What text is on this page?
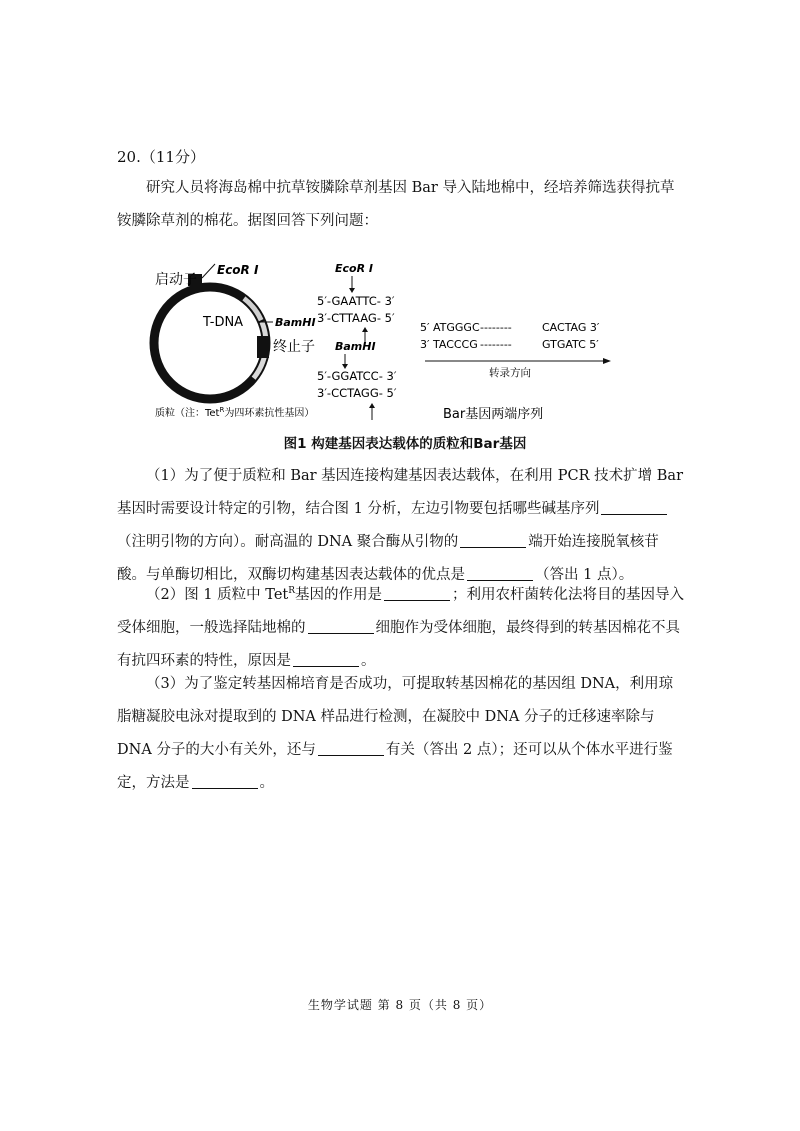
20.（11分）
研究人员将海岛棉中抗草铵膦除草剂基因 Bar 导入陆地棉中，经培养筛选获得抗草铵膦除草剂的棉花。据图回答下列问题：
启动子
EcoR Ⅰ
T-DNA	BamHⅠ
终止子
Tet$^R$
质粒（注：Tet$^R$为四环素抗性基因）
EcoR Ⅰ
5′-GAATTC- 3′
3′-CTTAAG- 5′
BamHⅠ
5′-GGATCC- 3′
3′-CCTAGG- 5′
5′ ATGGGC --------	CACTAG 3′
3′ TACCCG --------	GTGATC 5′
转录方向
Bar基因两端序列
图1 构建基因表达载体的质粒和Bar基因
（1）为了便于质粒和 Bar 基因连接构建基因表达载体，在利用 PCR 技术扩增 Bar 基因时需要设计特定的引物，结合图 1 分析，左边引物要包括哪些碱基序列（注明引物的方向）。耐高温的 DNA 聚合酶从引物的	端开始连接脱氧核苷酸。与单酶切相比，双酶切构建基因表达载体的优点是	（答出 1 点）。
（2）图 1 质粒中 Tet$^R$基因的作用是	；利用农杆菌转化法将目的基因导入受体细胞，一般选择陆地棉的	细胞作为受体细胞，最终得到的转基因棉花不具有抗四环素的特性，原因是	。
（3）为了鉴定转基因棉培育是否成功，可提取转基因棉花的基因组 DNA，利用琼脂糖凝胶电泳对提取到的 DNA 样品进行检测，在凝胶中 DNA 分子的迁移速率除与 DNA 分子的大小有关外，还与	有关（答出 2 点）；还可以从个体水平进行鉴定，方法是	。
生物学试题 第 8 页（共 8 页）
